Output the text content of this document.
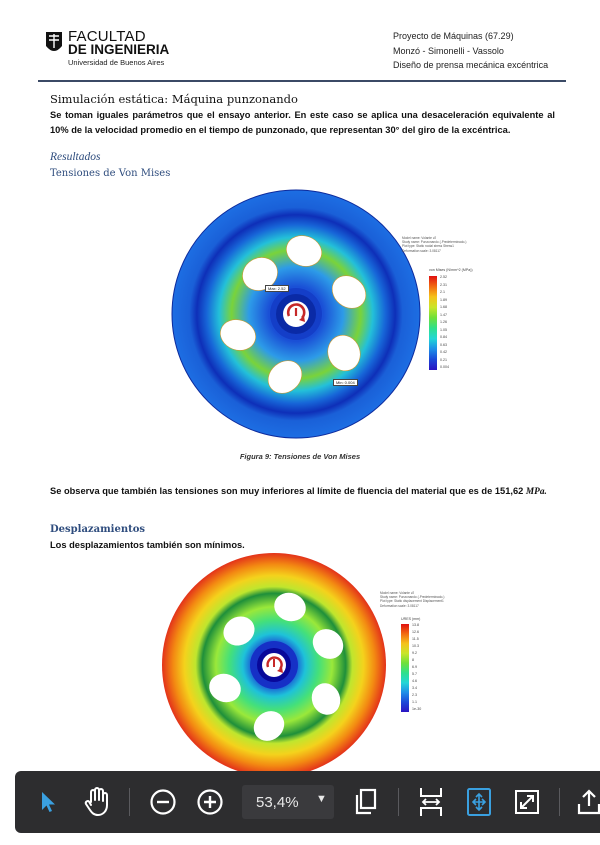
FACULTAD
DE INGENIERIA
Universidad de Buenos Aires
Proyecto de Máquinas (67.29)
Monzó - Simonelli - Vassolo
Diseño de prensa mecánica excéntrica
Simulación estática: Máquina punzonando
Se toman iguales parámetros que el ensayo anterior. En este caso se aplica una desaceleración equivalente al 10% de la velocidad promedio en el tiempo de punzonado, que representan 30° del giro de la excéntrica.
Resultados
Tensiones de Von Mises
Max: 2.52
Min: 0.004
Model name: Volante v2
Study name: Punzonando (-Predeterminado-)
Plot type: Static nodal stress Stress1
Deformation scale: 3.08117
von Mises (N/mm^2 (MPa))
2.52
2.31
2.1
1.89
1.68
1.47
1.26
1.05
0.84
0.63
0.42
0.21
0.004
Figura 9: Tensiones de Von Mises
Se observa que también las tensiones son muy inferiores al límite de fluencia del material que es de 151,62 MPa.
Desplazamientos
Los desplazamientos también son mínimos.
Model name: Volante v2
Study name: Punzonando (-Predeterminado-)
Plot type: Static displacement Displacement1
Deformation scale: 3.08117
URES (mm)
13.8
12.6
11.5
10.3
9.2
8
6.9
5.7
4.6
3.4
2.3
1.1
1e-30
53,4% ▼
